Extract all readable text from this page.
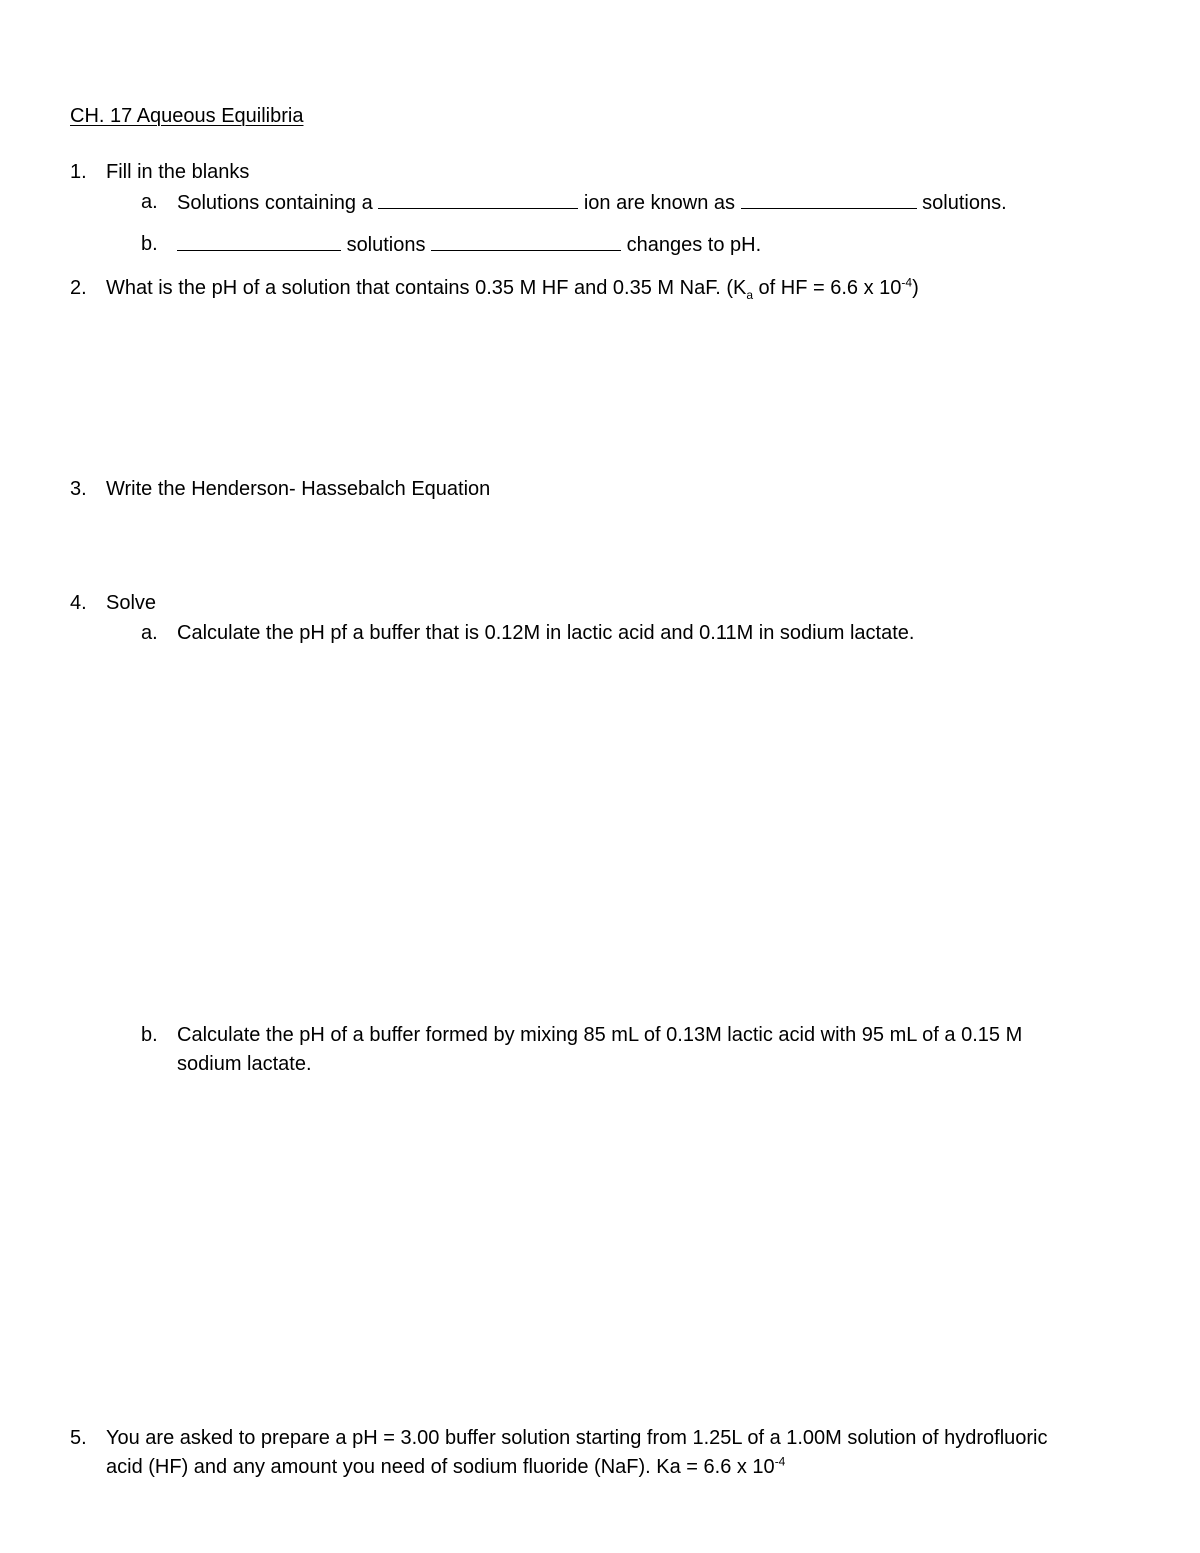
CH. 17 Aqueous Equilibria
1. Fill in the blanks
a. Solutions containing a	ion are known as	solutions.
b.	solutions	changes to pH.
2. What is the pH of a solution that contains 0.35 M HF and 0.35 M NaF. ($K_a$ of HF = 6.6 x $10^{-4}$)
3. Write the Henderson- Hassebalch Equation
4. Solve
a. Calculate the pH pf a buffer that is 0.12M in lactic acid and 0.11M in sodium lactate.
b. Calculate the pH of a buffer formed by mixing 85 mL of 0.13M lactic acid with 95 mL of a 0.15 M
sodium lactate.
5. You are asked to prepare a pH = 3.00 buffer solution starting from 1.25L of a 1.00M solution of hydrofluoric
acid (HF) and any amount you need of sodium fluoride (NaF). Ka = 6.6 x $10^{-4}$
